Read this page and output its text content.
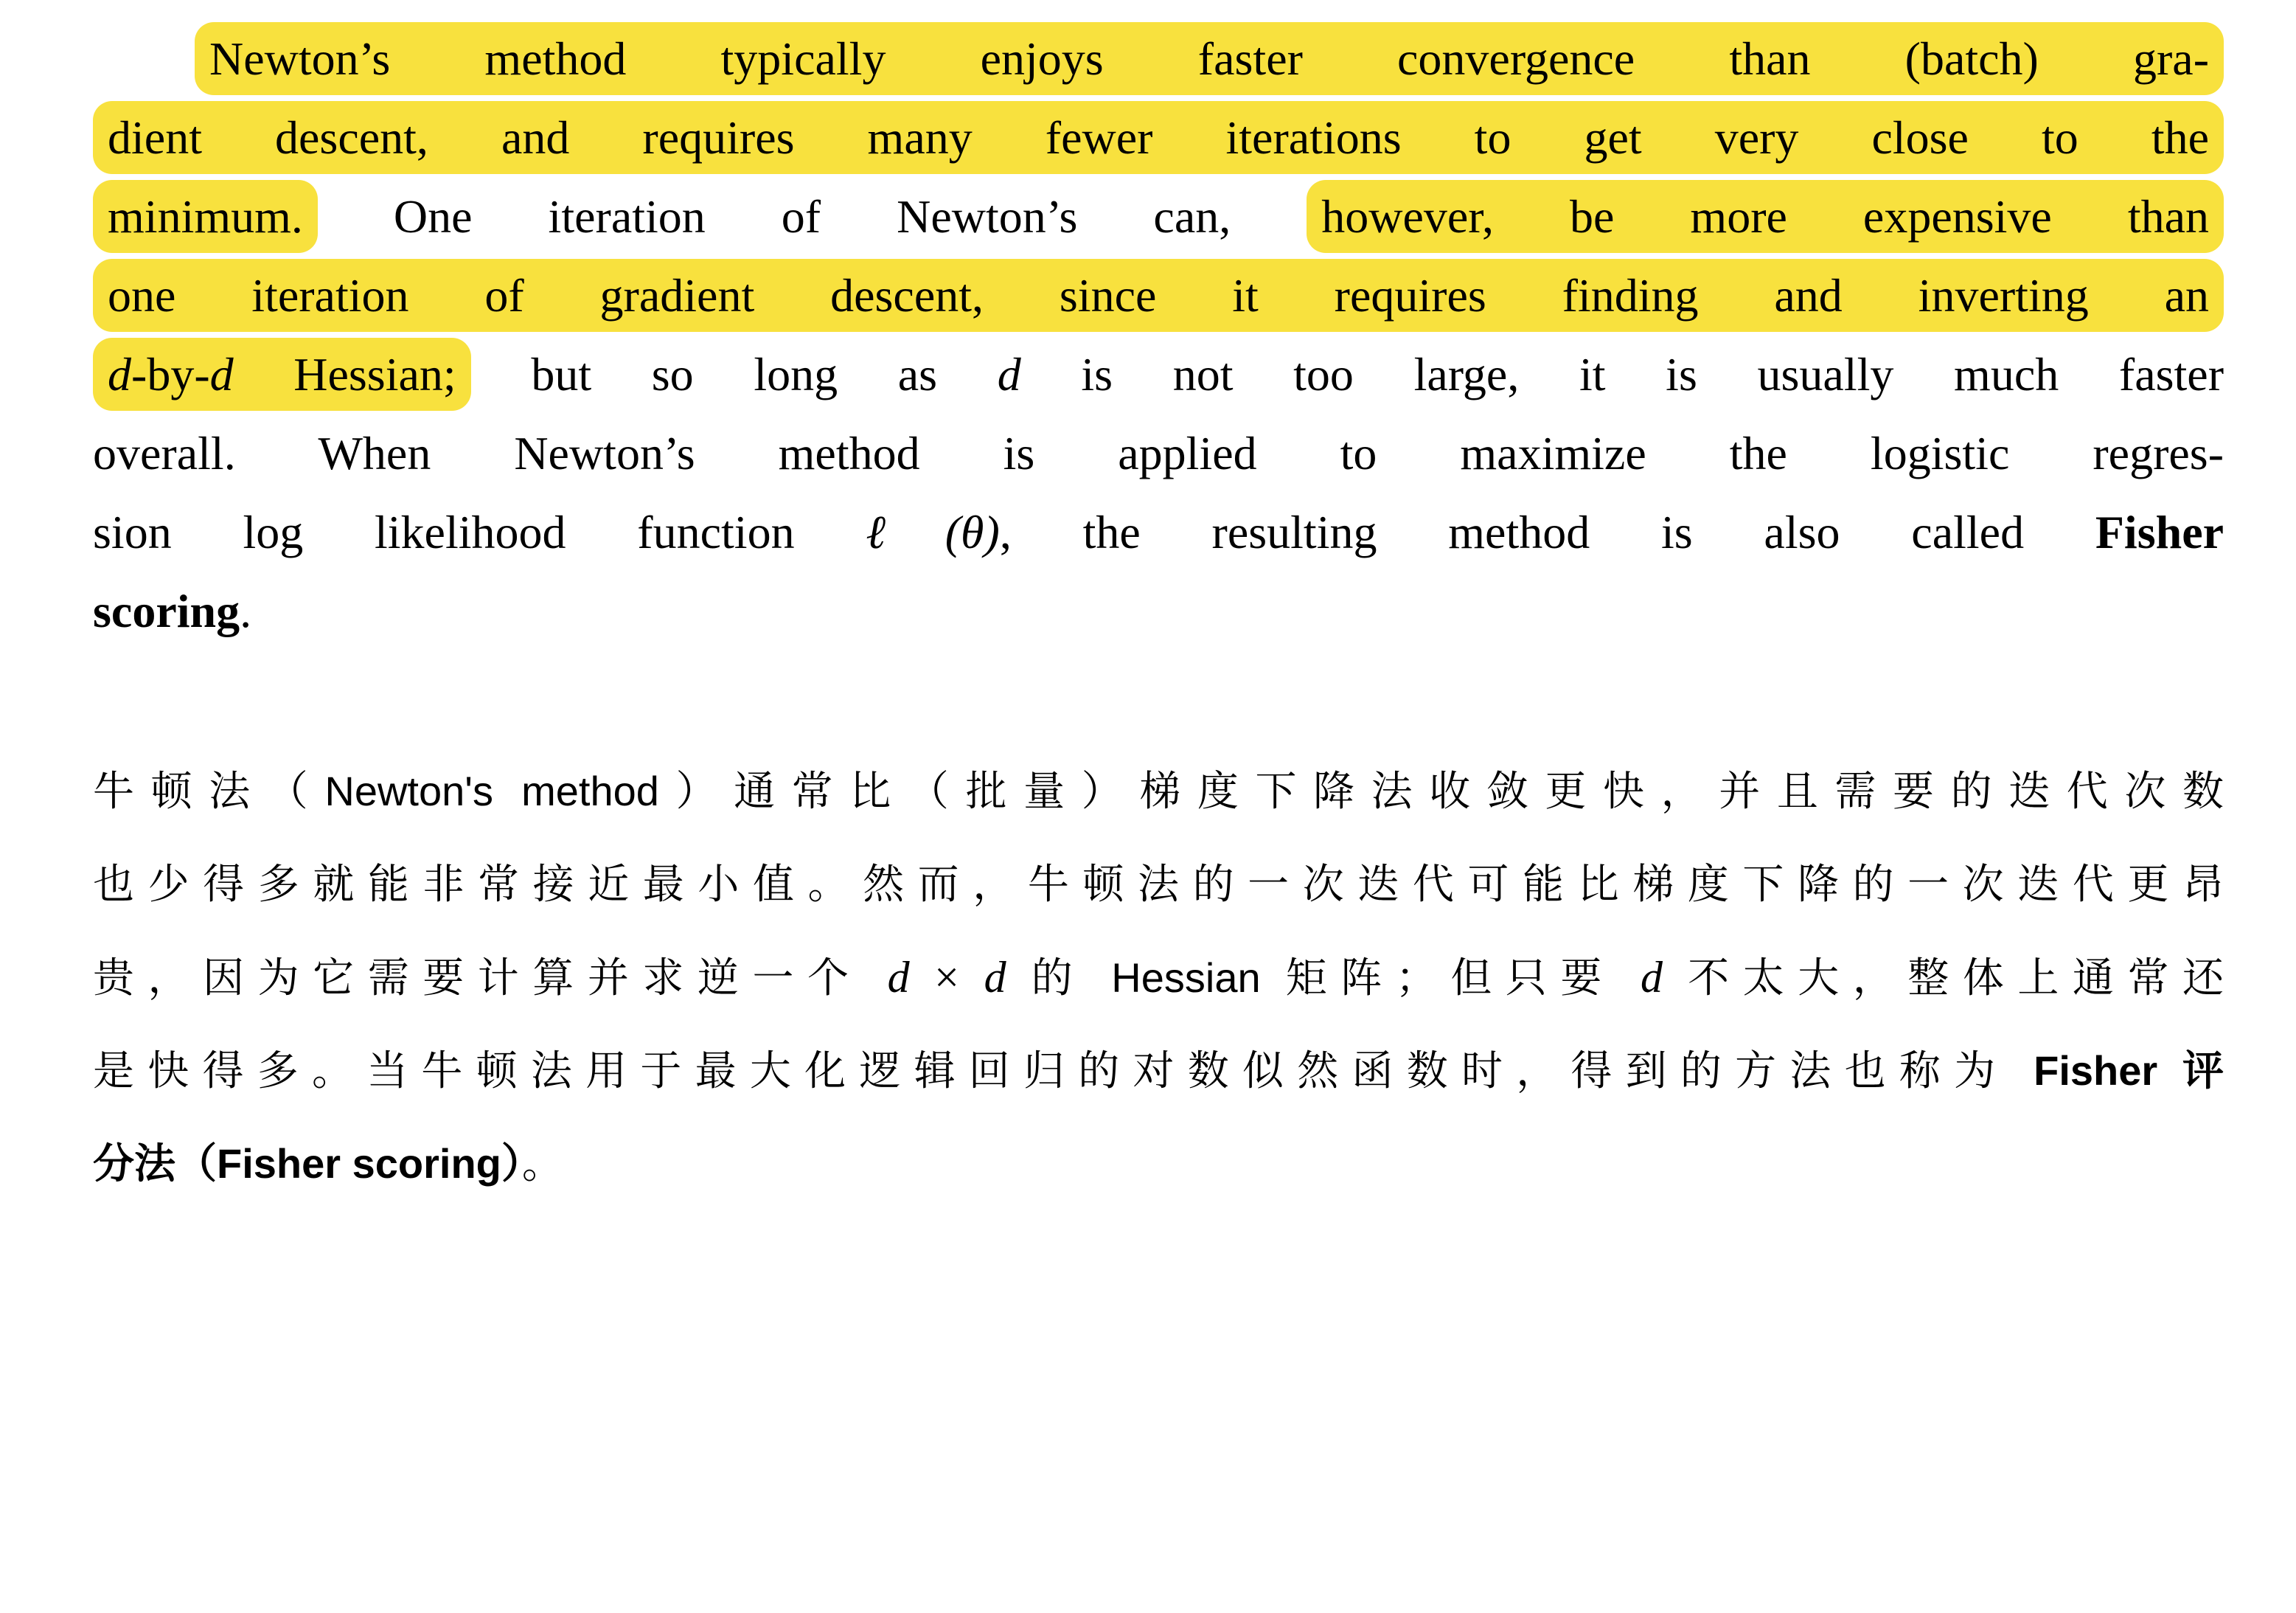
Newton’s method typically enjoys faster convergence than (batch) gra-
dient descent, and requires many fewer iterations to get very close to the
minimum. One iteration of Newton’s can, however, be more expensive than
one iteration of gradient descent, since it requires finding and inverting an
d-by-d Hessian; but so long as d is not too large, it is usually much faster
overall. When Newton’s method is applied to maximize the logistic regres-
sion log likelihood function ℓ(θ), the resulting method is also called Fisher
scoring.
牛顿法（Newton's method）通常比（批量）梯度下降法收敛更快，并且需要的迭代次数
也少得多就能非常接近最小值。然而，牛顿法的一次迭代可能比梯度下降的一次迭代更昂
贵，因为它需要计算并求逆一个 d × d 的 Hessian 矩阵；但只要 d 不太大，整体上通常还
是快得多。当牛顿法用于最大化逻辑回归的对数似然函数时，得到的方法也称为 Fisher 评
分法（Fisher scoring）。
